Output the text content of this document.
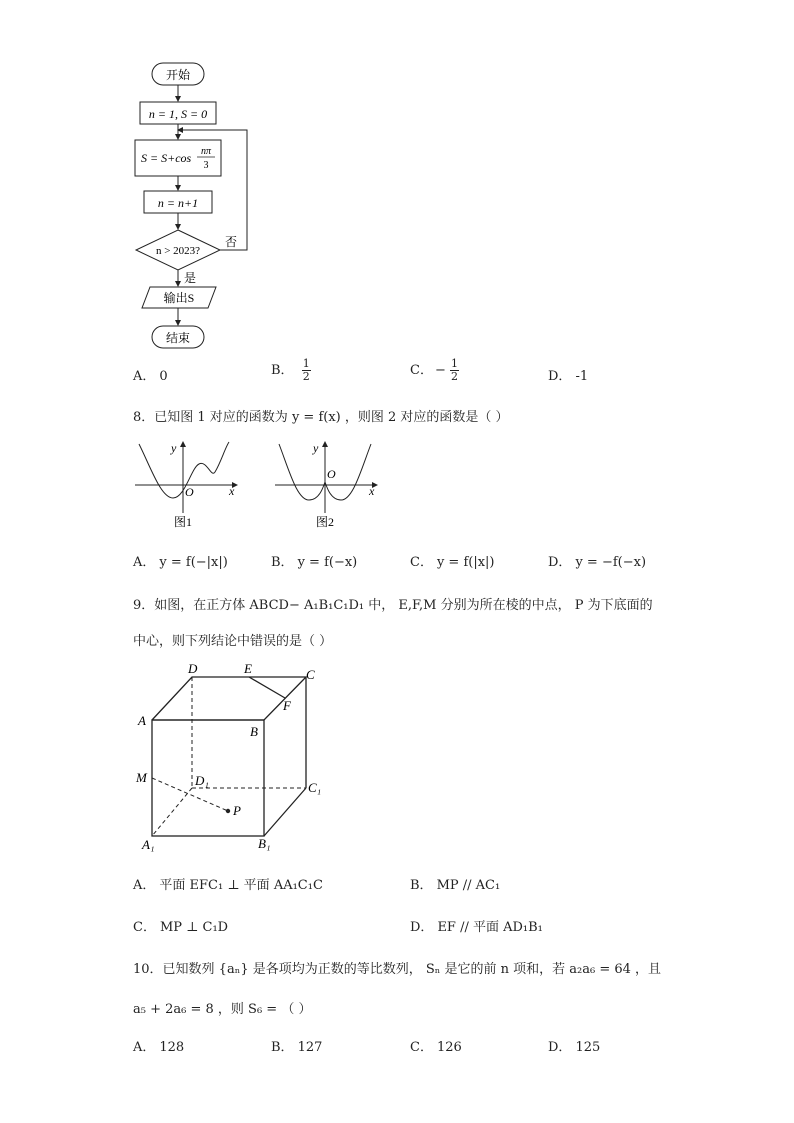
开始
n = 1, S = 0
S = S+cos nπ
3
n = n+1
n > 2023?
否
是
输出S
结束
A． 0	B． $\frac{1}{2}$	C． − $\frac{1}{2}$	D． -1
8．已知图 1 对应的函数为 y = f(x) ，则图 2 对应的函数是（ ）
y
O	x
图1
y
O
x
图2
A． y = f(−|x|)	B． y = f(−x)	C． y = f(|x|)	D． y = −f(−x)
9．如图，在正方体 ABCD− A₁B₁C₁D₁ 中， E,F,M 分别为所在棱的中点， P 为下底面的
中心，则下列结论中错误的是（ ）
D	E	C
A
F
B
M	D₁	C₁
P
A₁	B₁
A． 平面 EFC₁ ⊥ 平面 AA₁C₁C	B． MP // AC₁
C． MP ⊥ C₁D	D． EF // 平面 AD₁B₁
10．已知数列 {aₙ} 是各项均为正数的等比数列， Sₙ 是它的前 n 项和，若 a₂a₆ = 64 ，且
a₅ + 2a₆ = 8 ，则 S₆ = （ ）
A． 128	B． 127	C． 126	D． 125
